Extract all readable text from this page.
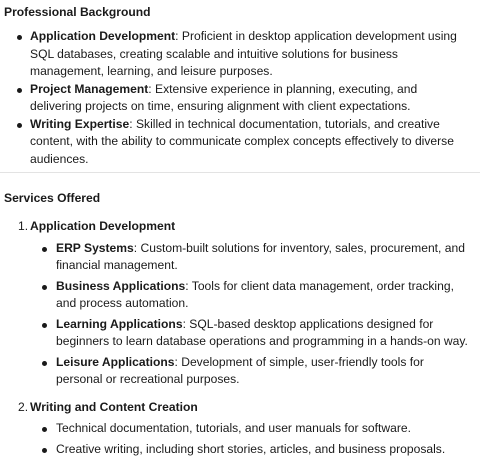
Professional Background
Application Development: Proficient in desktop application development using SQL databases, creating scalable and intuitive solutions for business management, learning, and leisure purposes.
Project Management: Extensive experience in planning, executing, and delivering projects on time, ensuring alignment with client expectations.
Writing Expertise: Skilled in technical documentation, tutorials, and creative content, with the ability to communicate complex concepts effectively to diverse audiences.
Services Offered
1. Application Development
ERP Systems: Custom-built solutions for inventory, sales, procurement, and financial management.
Business Applications: Tools for client data management, order tracking, and process automation.
Learning Applications: SQL-based desktop applications designed for beginners to learn database operations and programming in a hands-on way.
Leisure Applications: Development of simple, user-friendly tools for personal or recreational purposes.
2. Writing and Content Creation
Technical documentation, tutorials, and user manuals for software.
Creative writing, including short stories, articles, and business proposals.
